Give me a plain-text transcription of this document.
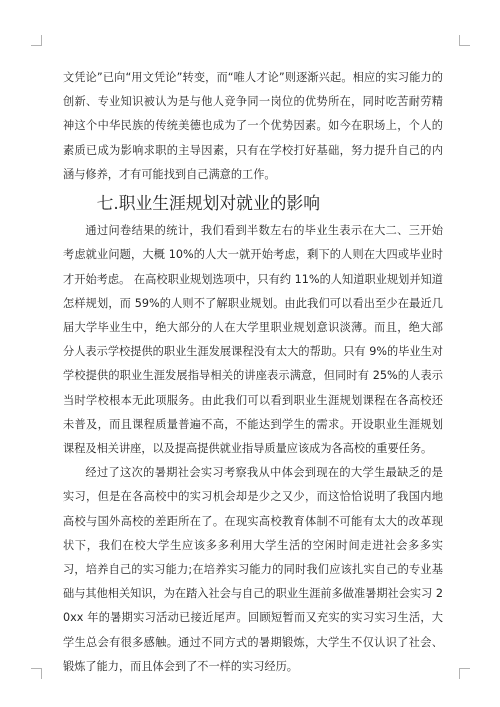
文凭论”已向“用文凭论”转变，而“唯人才论”则逐渐兴起。相应的实习能力的创新、专业知识被认为是与他人竞争同一岗位的优势所在，同时吃苦耐劳精神这个中华民族的传统美德也成为了一个优势因素。如今在职场上，个人的素质已成为影响求职的主导因素，只有在学校打好基础，努力提升自己的内涵与修养，才有可能找到自己满意的工作。

七.职业生涯规划对就业的影响

通过问卷结果的统计，我们看到半数左右的毕业生表示在大二、三开始考虑就业问题，大概 10%的人大一就开始考虑，剩下的人则在大四或毕业时才开始考虑。 在高校职业规划选项中，只有约 11%的人知道职业规划并知道怎样规划，而 59%的人则不了解职业规划。由此我们可以看出至少在最近几届大学毕业生中，绝大部分的人在大学里职业规划意识淡薄。而且，绝大部分人表示学校提供的职业生涯发展课程没有太大的帮助。只有 9%的毕业生对学校提供的职业生涯发展指导相关的讲座表示满意，但同时有 25%的人表示当时学校根本无此项服务。由此我们可以看到职业生涯规划课程在各高校还未普及，而且课程质量普遍不高，不能达到学生的需求。开设职业生涯规划课程及相关讲座，以及提高提供就业指导质量应该成为各高校的重要任务。

经过了这次的暑期社会实习考察我从中体会到现在的大学生最缺乏的是实习，但是在各高校中的实习机会却是少之又少，而这恰恰说明了我国内地高校与国外高校的差距所在了。在现实高校教育体制不可能有太大的改革现状下，我们在校大学生应该多多利用大学生活的空闲时间走进社会多多实习，培养自己的实习能力;在培养实习能力的同时我们应该扎实自己的专业基础与其他相关知识，为在踏入社会与自己的职业生涯前多做准暑期社会实习 20xx 年的暑期实习活动已接近尾声。回顾短暂而又充实的实习实习生活，大学生总会有很多感触。通过不同方式的暑期锻炼，大学生不仅认识了社会、锻炼了能力，而且体会到了不一样的实习经历。
